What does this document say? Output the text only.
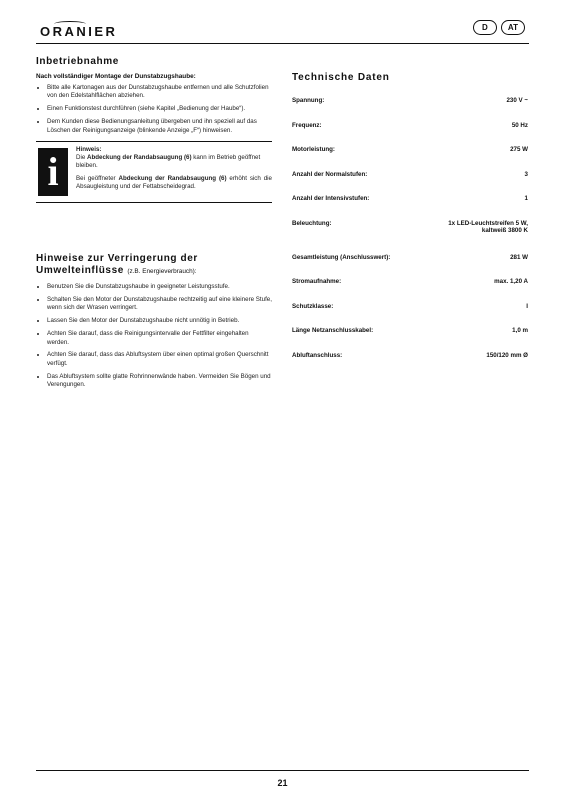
ORANIER	D	AT
Inbetriebnahme
Nach vollständiger Montage der Dunstabzugshaube:
• Bitte alle Kartonagen aus der Dunstabzugshaube entfernen und alle Schutzfolien von den Edelstahlflächen abziehen.
• Einen Funktionstest durchführen (siehe Kapitel „Bedienung der Haube“).
• Dem Kunden diese Bedienungsanleitung übergeben und ihn speziell auf das Löschen der Reinigungsanzeige (blinkende Anzeige „F“) hinweisen.
i	Hinweis:
Die Abdeckung der Randabsaugung (6) kann im Betrieb geöffnet bleiben.
Bei geöffneter Abdeckung der Randabsaugung (6) erhöht sich die Absaugleistung und der Fettabscheidegrad.
Hinweise zur Verringerung der Umwelteinflüsse (z.B. Energieverbrauch):
• Benutzen Sie die Dunstabzugshaube in geeigneter Leistungsstufe.
• Schalten Sie den Motor der Dunstabzugshaube rechtzeitig auf eine kleinere Stufe, wenn sich der Wrasen verringert.
• Lassen Sie den Motor der Dunstabzugshaube nicht unnötig in Betrieb.
• Achten Sie darauf, dass die Reinigungsintervalle der Fettfilter eingehalten werden.
• Achten Sie darauf, dass das Abluftsystem über einen optimal großen Querschnitt verfügt.
• Das Abluftsystem sollte glatte Rohrinnenwände haben. Vermeiden Sie Bögen und Verengungen.
Technische Daten
Spannung:	230 V ~
Frequenz:	50 Hz
Motorleistung:	275 W
Anzahl der Normalstufen:	3
Anzahl der Intensivstufen:	1
Beleuchtung:	1x LED-Leuchtstreifen 5 W,
kaltweiß 3800 K
Gesamtleistung (Anschlusswert):	281 W
Stromaufnahme:	max. 1,20 A
Schutzklasse:	I
Länge Netzanschlusskabel:	1,0 m
Abluftanschluss:	150/120 mm Ø
21
